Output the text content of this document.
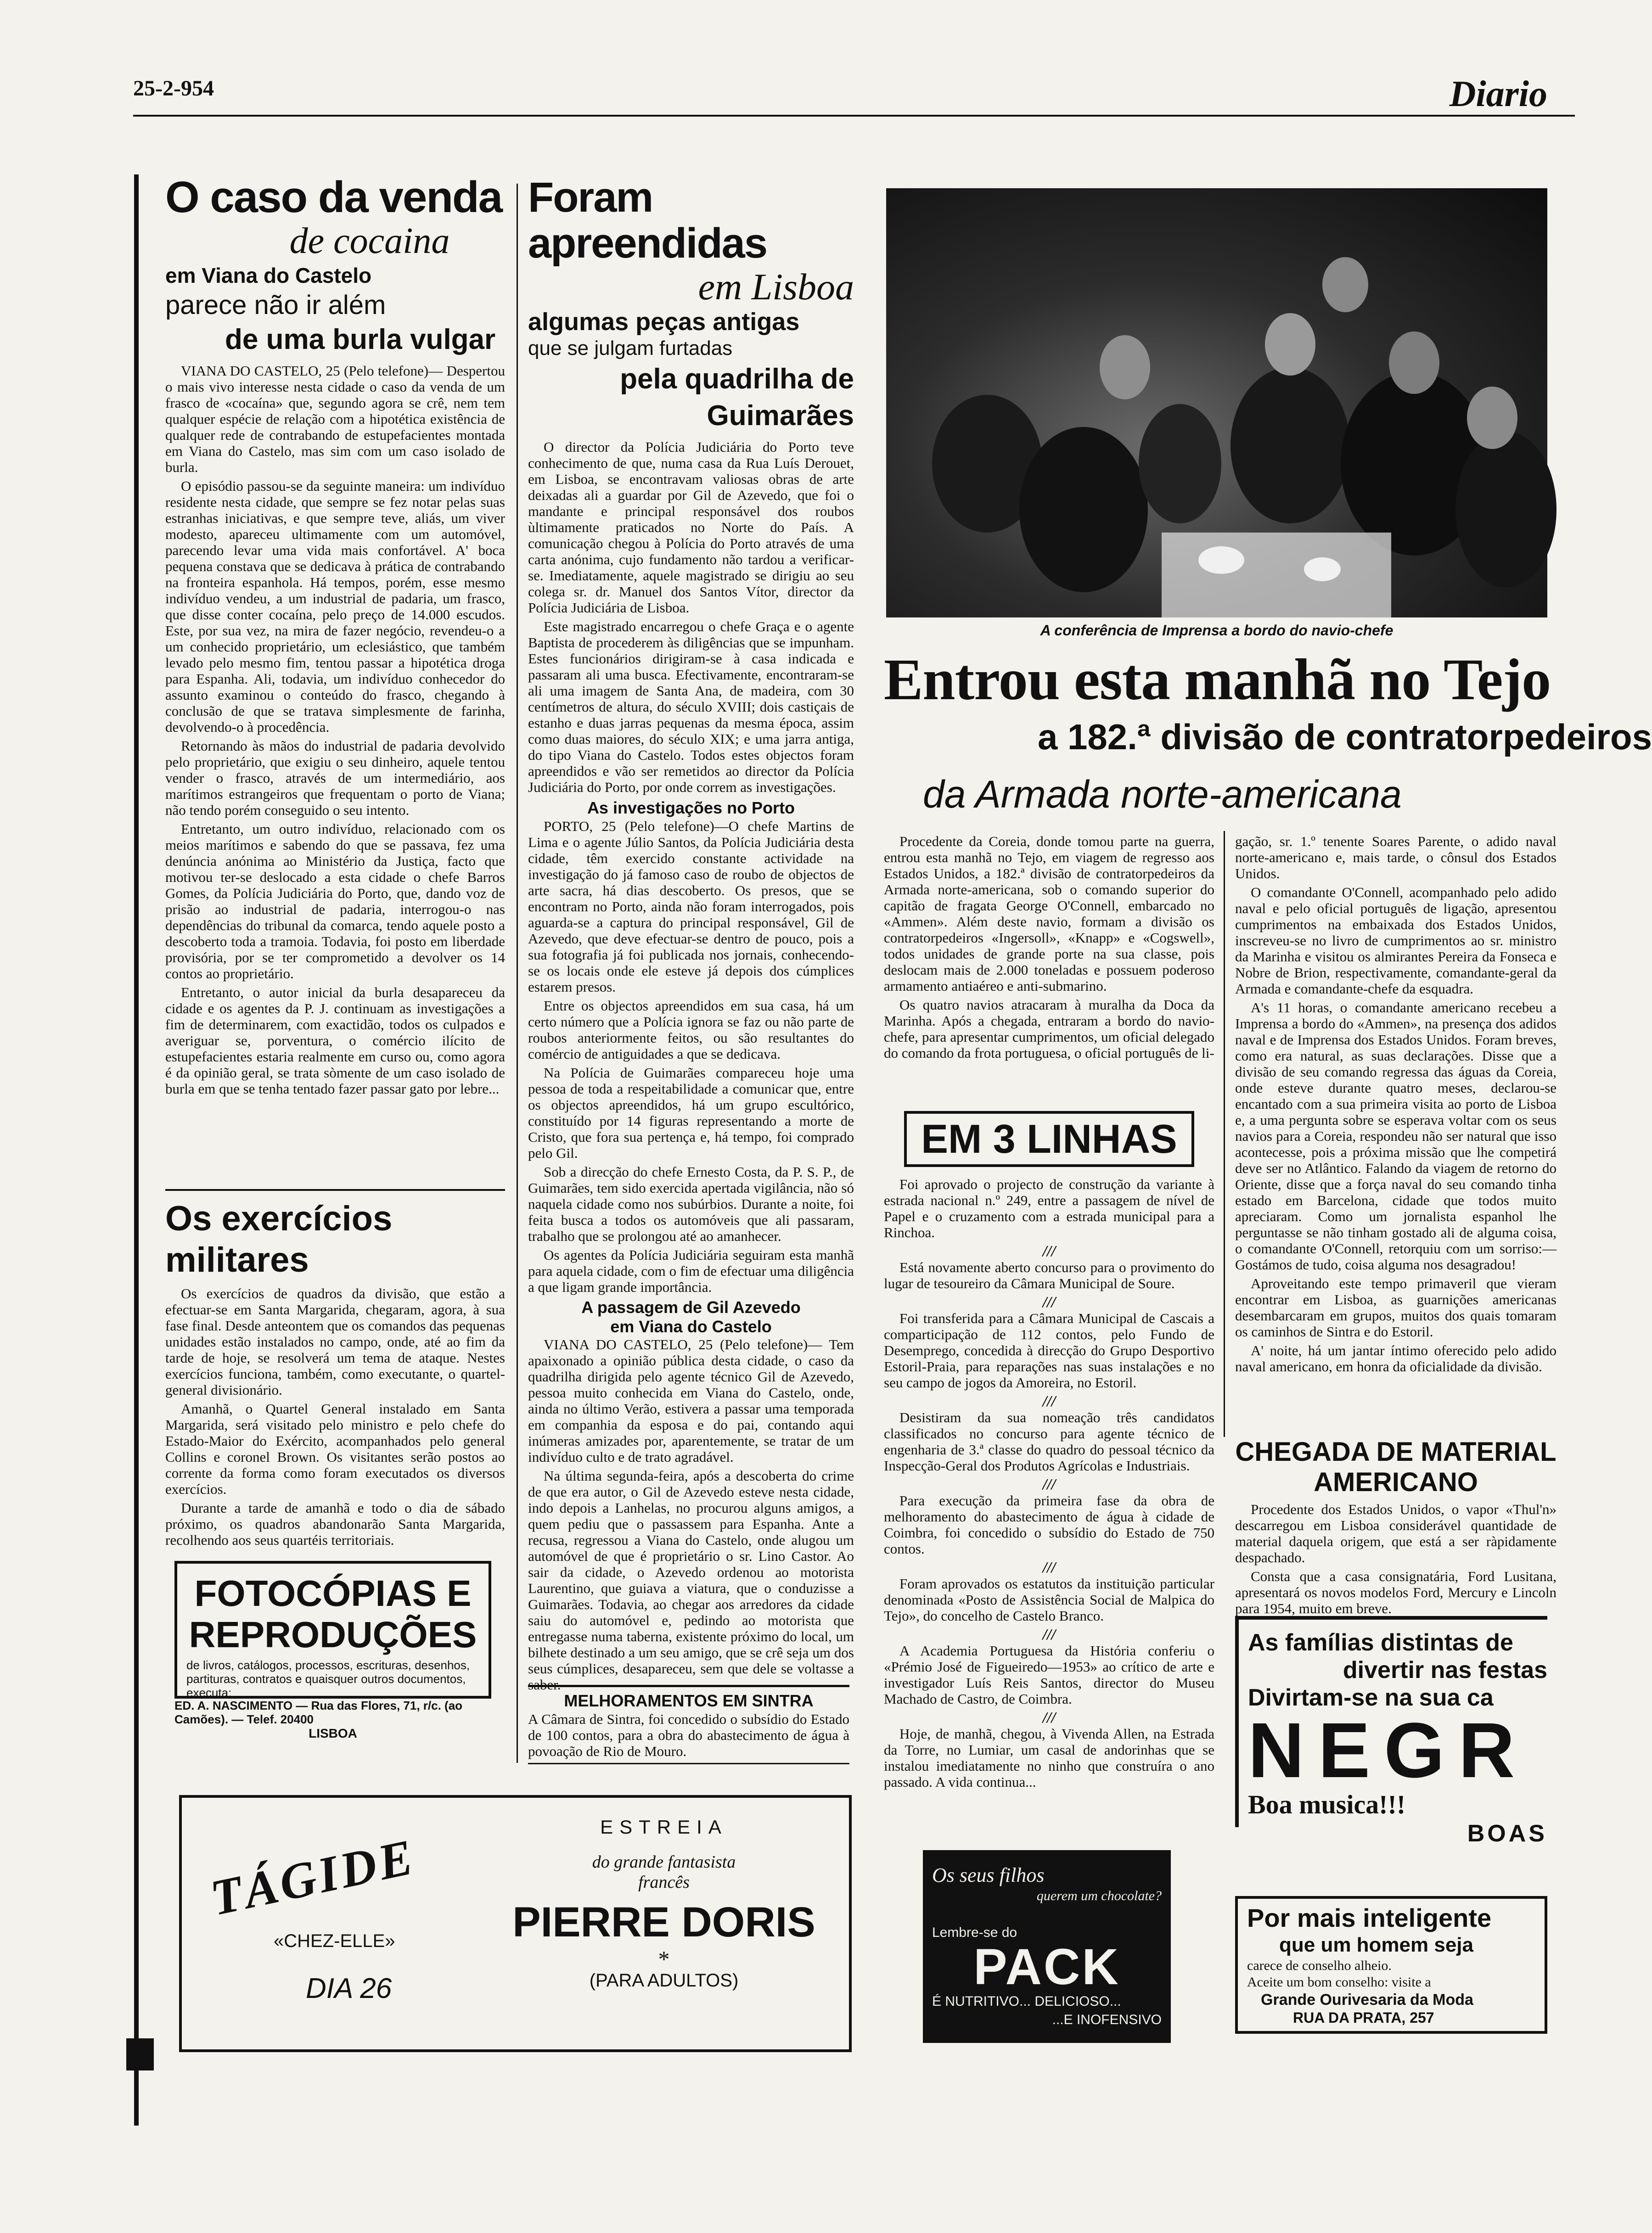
25-2-954	Diario
O caso da venda
de cocaina
em Viana do Castelo
parece não ir além
de uma burla vulgar

VIANA DO CASTELO, 25 (Pelo telefone)— Despertou o mais vivo interesse nesta cidade o caso da venda de um frasco de «cocaína» que, segundo agora se crê, nem tem qualquer espécie de relação com a hipotética existência de qualquer rede de contrabando de estupefacientes montada em Viana do Castelo, mas sim com um caso isolado de burla.

O episódio passou-se da seguinte maneira: um indivíduo residente nesta cidade, que sempre se fez notar pelas suas estranhas iniciativas, e que sempre teve, aliás, um viver modesto, apareceu ultimamente com um automóvel, parecendo levar uma vida mais confortável. A' boca pequena constava que se dedicava à prática de contrabando na fronteira espanhola. Há tempos, porém, esse mesmo indivíduo vendeu, a um industrial de padaria, um frasco, que disse conter cocaína, pelo preço de 14.000 escudos. Este, por sua vez, na mira de fazer negócio, revendeu-o a um conhecido proprietário, um eclesiástico, que também levado pelo mesmo fim, tentou passar a hipotética droga para Espanha. Ali, todavia, um indivíduo conhecedor do assunto examinou o conteúdo do frasco, chegando à conclusão de que se tratava simplesmente de farinha, devolvendo-o à procedência.

Retornando às mãos do industrial de padaria devolvido pelo proprietário, que exigiu o seu dinheiro, aquele tentou vender o frasco, através de um intermediário, aos marítimos estrangeiros que frequentam o porto de Viana; não tendo porém conseguido o seu intento.

Entretanto, um outro indivíduo, relacionado com os meios marítimos e sabendo do que se passava, fez uma denúncia anónima ao Ministério da Justiça, facto que motivou ter-se deslocado a esta cidade o chefe Barros Gomes, da Polícia Judiciária do Porto, que, dando voz de prisão ao industrial de padaria, interrogou-o nas dependências do tribunal da comarca, tendo aquele posto a descoberto toda a tramoia. Todavia, foi posto em liberdade provisória, por se ter comprometido a devolver os 14 contos ao proprietário.

Entretanto, o autor inicial da burla desapareceu da cidade e os agentes da P. J. continuam as investigações a fim de determinarem, com exactidão, todos os culpados e averiguar se, porventura, o comércio ilícito de estupefacientes estaria realmente em curso ou, como agora é da opinião geral, se trata sòmente de um caso isolado de burla em que se tenha tentado fazer passar gato por lebre...

Os exercícios militares

Os exercícios de quadros da divisão, que estão a efectuar-se em Santa Margarida, chegaram, agora, à sua fase final. Desde anteontem que os comandos das pequenas unidades estão instalados no campo, onde, até ao fim da tarde de hoje, se resolverá um tema de ataque. Nestes exercícios funciona, também, como executante, o quartel-general divisionário.

Amanhã, o Quartel General instalado em Santa Margarida, será visitado pelo ministro e pelo chefe do Estado-Maior do Exército, acompanhados pelo general Collins e coronel Brown. Os visitantes serão postos ao corrente da forma como foram executados os diversos exercícios.

Durante a tarde de amanhã e todo o dia de sábado próximo, os quadros abandonarão Santa Margarida, recolhendo aos seus quartéis territoriais.

FOTOCÓPIAS E
REPRODUÇÕES
de livros, catálogos, processos, escrituras, desenhos, partituras, contratos e quaisquer outros documentos, executa:
ED. A. NASCIMENTO — Rua das Flores, 71, r/c. (ao Camões). — Telef. 20400
LISBOA
Foram apreendidas
em Lisboa
algumas peças antigas
que se julgam furtadas
pela quadrilha de Guimarães

O director da Polícia Judiciária do Porto teve conhecimento de que, numa casa da Rua Luís Derouet, em Lisboa, se encontravam valiosas obras de arte deixadas ali a guardar por Gil de Azevedo, que foi o mandante e principal responsável dos roubos ùltimamente praticados no Norte do País. A comunicação chegou à Polícia do Porto através de uma carta anónima, cujo fundamento não tardou a verificar-se. Imediatamente, aquele magistrado se dirigiu ao seu colega sr. dr. Manuel dos Santos Vítor, director da Polícia Judiciária de Lisboa.

Este magistrado encarregou o chefe Graça e o agente Baptista de procederem às diligências que se impunham. Estes funcionários dirigiram-se à casa indicada e passaram ali uma busca. Efectivamente, encontraram-se ali uma imagem de Santa Ana, de madeira, com 30 centímetros de altura, do século XVIII; dois castiçais de estanho e duas jarras pequenas da mesma época, assim como duas maiores, do século XIX; e uma jarra antiga, do tipo Viana do Castelo. Todos estes objectos foram apreendidos e vão ser remetidos ao director da Polícia Judiciária do Porto, por onde correm as investigações.

As investigações no Porto

PORTO, 25 (Pelo telefone)—O chefe Martins de Lima e o agente Júlio Santos, da Polícia Judiciária desta cidade, têm exercido constante actividade na investigação do já famoso caso de roubo de objectos de arte sacra, há dias descoberto. Os presos, que se encontram no Porto, ainda não foram interrogados, pois aguarda-se a captura do principal responsável, Gil de Azevedo, que deve efectuar-se dentro de pouco, pois a sua fotografia já foi publicada nos jornais, conhecendo-se os locais onde ele esteve já depois dos cúmplices estarem presos.

Entre os objectos apreendidos em sua casa, há um certo número que a Polícia ignora se faz ou não parte de roubos anteriormente feitos, ou são resultantes do comércio de antiguidades a que se dedicava.

Na Polícia de Guimarães compareceu hoje uma pessoa de toda a respeitabilidade a comunicar que, entre os objectos apreendidos, há um grupo escultórico, constituído por 14 figuras representando a morte de Cristo, que fora sua pertença e, há tempo, foi comprado pelo Gil.

Sob a direcção do chefe Ernesto Costa, da P. S. P., de Guimarães, tem sido exercida apertada vigilância, não só naquela cidade como nos subúrbios. Durante a noite, foi feita busca a todos os automóveis que ali passaram, trabalho que se prolongou até ao amanhecer.

Os agentes da Polícia Judiciária seguiram esta manhã para aquela cidade, com o fim de efectuar uma diligência a que ligam grande importância.

A passagem de Gil Azevedo
em Viana do Castelo

VIANA DO CASTELO, 25 (Pelo telefone)— Tem apaixonado a opinião pública desta cidade, o caso da quadrilha dirigida pelo agente técnico Gil de Azevedo, pessoa muito conhecida em Viana do Castelo, onde, ainda no último Verão, estivera a passar uma temporada em companhia da esposa e do pai, contando aqui inúmeras amizades por, aparentemente, se tratar de um indivíduo culto e de trato agradável.

Na última segunda-feira, após a descoberta do crime de que era autor, o Gil de Azevedo esteve nesta cidade, indo depois a Lanhelas, no procurou alguns amigos, a quem pediu que o passassem para Espanha. Ante a recusa, regressou a Viana do Castelo, onde alugou um automóvel de que é proprietário o sr. Lino Castor. Ao sair da cidade, o Azevedo ordenou ao motorista Laurentino, que guiava a viatura, que o conduzisse a Guimarães. Todavia, ao chegar aos arredores da cidade saiu do automóvel e, pedindo ao motorista que entregasse numa taberna, existente próximo do local, um bilhete destinado a um seu amigo, que se crê seja um dos seus cúmplices, desapareceu, sem que dele se voltasse a saber.

MELHORAMENTOS EM SINTRA
A Câmara de Sintra, foi concedido o subsídio do Estado de 100 contos, para a obra do abastecimento de água à povoação de Rio de Mouro.
TÁGIDE
«CHEZ-ELLE»
DIA 26
ESTREIA
do grande fantasista
francês
PIERRE DORIS
*
(PARA ADULTOS)
A conferência de Imprensa a bordo do navio-chefe
Entrou esta manhã no Tejo
a 182.ª divisão de contratorpedeiros
da Armada norte-americana

Procedente da Coreia, donde tomou parte na guerra, entrou esta manhã no Tejo, em viagem de regresso aos Estados Unidos, a 182.ª divisão de contratorpedeiros da Armada norte-americana, sob o comando superior do capitão de fragata George O'Connell, embarcado no «Ammen». Além deste navio, formam a divisão os contratorpedeiros «Ingersoll», «Knapp» e «Cogswell», todos unidades de grande porte na sua classe, pois deslocam mais de 2.000 toneladas e possuem poderoso armamento antiaéreo e anti-submarino.

Os quatro navios atracaram à muralha da Doca da Marinha. Após a chegada, entraram a bordo do navio-chefe, para apresentar cumprimentos, um oficial delegado do comando da frota portuguesa, o oficial português de li-

gação, sr. 1.º tenente Soares Parente, o adido naval norte-americano e, mais tarde, o cônsul dos Estados Unidos.

O comandante O'Connell, acompanhado pelo adido naval e pelo oficial português de ligação, apresentou cumprimentos na embaixada dos Estados Unidos, inscreveu-se no livro de cumprimentos ao sr. ministro da Marinha e visitou os almirantes Pereira da Fonseca e Nobre de Brion, respectivamente, comandante-geral da Armada e comandante-chefe da esquadra.

A's 11 horas, o comandante americano recebeu a Imprensa a bordo do «Ammen», na presença dos adidos naval e de Imprensa dos Estados Unidos. Foram breves, como era natural, as suas declarações. Disse que a divisão de seu comando regressa das águas da Coreia, onde esteve durante quatro meses, declarou-se encantado com a sua primeira visita ao porto de Lisboa e, a uma pergunta sobre se esperava voltar com os seus navios para a Coreia, respondeu não ser natural que isso acontecesse, pois a próxima missão que lhe competirá deve ser no Atlântico. Falando da viagem de retorno do Oriente, disse que a força naval do seu comando tinha estado em Barcelona, cidade que todos muito apreciaram. Como um jornalista espanhol lhe perguntasse se não tinham gostado ali de alguma coisa, o comandante O'Connell, retorquiu com um sorriso:—Gostámos de tudo, coisa alguma nos desagradou!

Aproveitando este tempo primaveril que vieram encontrar em Lisboa, as guarnições americanas desembarcaram em grupos, muitos dos quais tomaram os caminhos de Sintra e do Estoril.

A' noite, há um jantar íntimo oferecido pelo adido naval americano, em honra da oficialidade da divisão.

EM 3 LINHAS

Foi aprovado o projecto de construção da variante à estrada nacional n.º 249, entre a passagem de nível de Papel e o cruzamento com a estrada municipal para a Rinchoa.

///

Está novamente aberto concurso para o provimento do lugar de tesoureiro da Câmara Municipal de Soure.

///

Foi transferida para a Câmara Municipal de Cascais a comparticipação de 112 contos, pelo Fundo de Desemprego, concedida à direcção do Grupo Desportivo Estoril-Praia, para reparações nas suas instalações e no seu campo de jogos da Amoreira, no Estoril.

///

Desistiram da sua nomeação três candidatos classificados no concurso para agente técnico de engenharia de 3.ª classe do quadro do pessoal técnico da Inspecção-Geral dos Produtos Agrícolas e Industriais.

///

Para execução da primeira fase da obra de melhoramento do abastecimento de água à cidade de Coimbra, foi concedido o subsídio do Estado de 750 contos.

///

Foram aprovados os estatutos da instituição particular denominada «Posto de Assistência Social de Malpica do Tejo», do concelho de Castelo Branco.

///

A Academia Portuguesa da História conferiu o «Prémio José de Figueiredo—1953» ao crítico de arte e investigador Luís Reis Santos, director do Museu Machado de Castro, de Coimbra.

///

Hoje, de manhã, chegou, à Vivenda Allen, na Estrada da Torre, no Lumiar, um casal de andorinhas que se instalou imediatamente no ninho que construíra o ano passado. A vida continua...

CHEGADA DE MATERIAL
AMERICANO

Procedente dos Estados Unidos, o vapor «Thul'n» descarregou em Lisboa considerável quantidade de material daquela origem, que está a ser ràpidamente despachado.

Consta que a casa consignatária, Ford Lusitana, apresentará os novos modelos Ford, Mercury e Lincoln para 1954, muito em breve.

As famílias distintas de
divertir nas festas
Divirtam-se na sua ca
NEGR
Boa musica!!!
BOAS
Por mais inteligente
que um homem seja
carece de conselho alheio.
Aceite um bom conselho: visite a
Grande Ourivesaria da Moda
RUA DA PRATA, 257
Os seus filhos
querem um chocolate?
Lembre-se do
PACK
É NUTRITIVO... DELICIOSO...
...E INOFENSIVO
